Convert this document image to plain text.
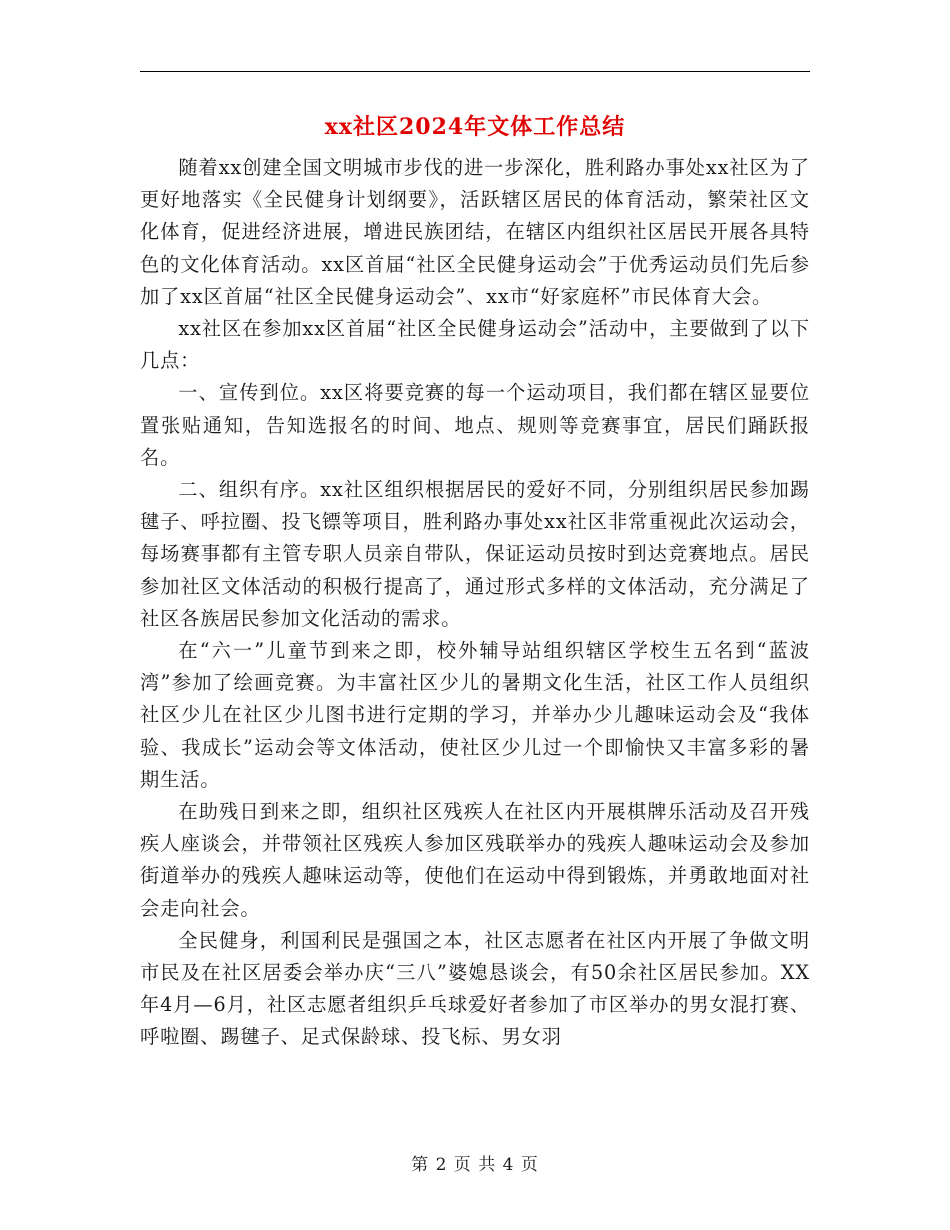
xx社区2024年文体工作总结

随着xx创建全国文明城市步伐的进一步深化，胜利路办事处xx社区为了更好地落实《全民健身计划纲要》，活跃辖区居民的体育活动，繁荣社区文化体育，促进经济进展，增进民族团结，在辖区内组织社区居民开展各具特色的文化体育活动。xx区首届“社区全民健身运动会”于优秀运动员们先后参加了xx区首届“社区全民健身运动会”、xx市“好家庭杯”市民体育大会。

xx社区在参加xx区首届“社区全民健身运动会”活动中，主要做到了以下几点：

一、宣传到位。xx区将要竞赛的每一个运动项目，我们都在辖区显要位置张贴通知，告知选报名的时间、地点、规则等竞赛事宜，居民们踊跃报名。

二、组织有序。xx社区组织根据居民的爱好不同，分别组织居民参加踢毽子、呼拉圈、投飞镖等项目，胜利路办事处xx社区非常重视此次运动会，每场赛事都有主管专职人员亲自带队，保证运动员按时到达竞赛地点。居民参加社区文体活动的积极行提高了，通过形式多样的文体活动，充分满足了社区各族居民参加文化活动的需求。

在“六一”儿童节到来之即，校外辅导站组织辖区学校生五名到“蓝波湾”参加了绘画竞赛。为丰富社区少儿的暑期文化生活，社区工作人员组织社区少儿在社区少儿图书进行定期的学习，并举办少儿趣味运动会及“我体验、我成长”运动会等文体活动，使社区少儿过一个即愉快又丰富多彩的暑期生活。

在助残日到来之即，组织社区残疾人在社区内开展棋牌乐活动及召开残疾人座谈会，并带领社区残疾人参加区残联举办的残疾人趣味运动会及参加街道举办的残疾人趣味运动等，使他们在运动中得到锻炼，并勇敢地面对社会走向社会。

全民健身，利国利民是强国之本，社区志愿者在社区内开展了争做文明市民及在社区居委会举办庆“三八”婆媳恳谈会，有50余社区居民参加。XX年4月—6月，社区志愿者组织乒乓球爱好者参加了市区举办的男女混打赛、呼啦圈、踢毽子、足式保龄球、投飞标、男女羽

第 2 页 共 4 页
